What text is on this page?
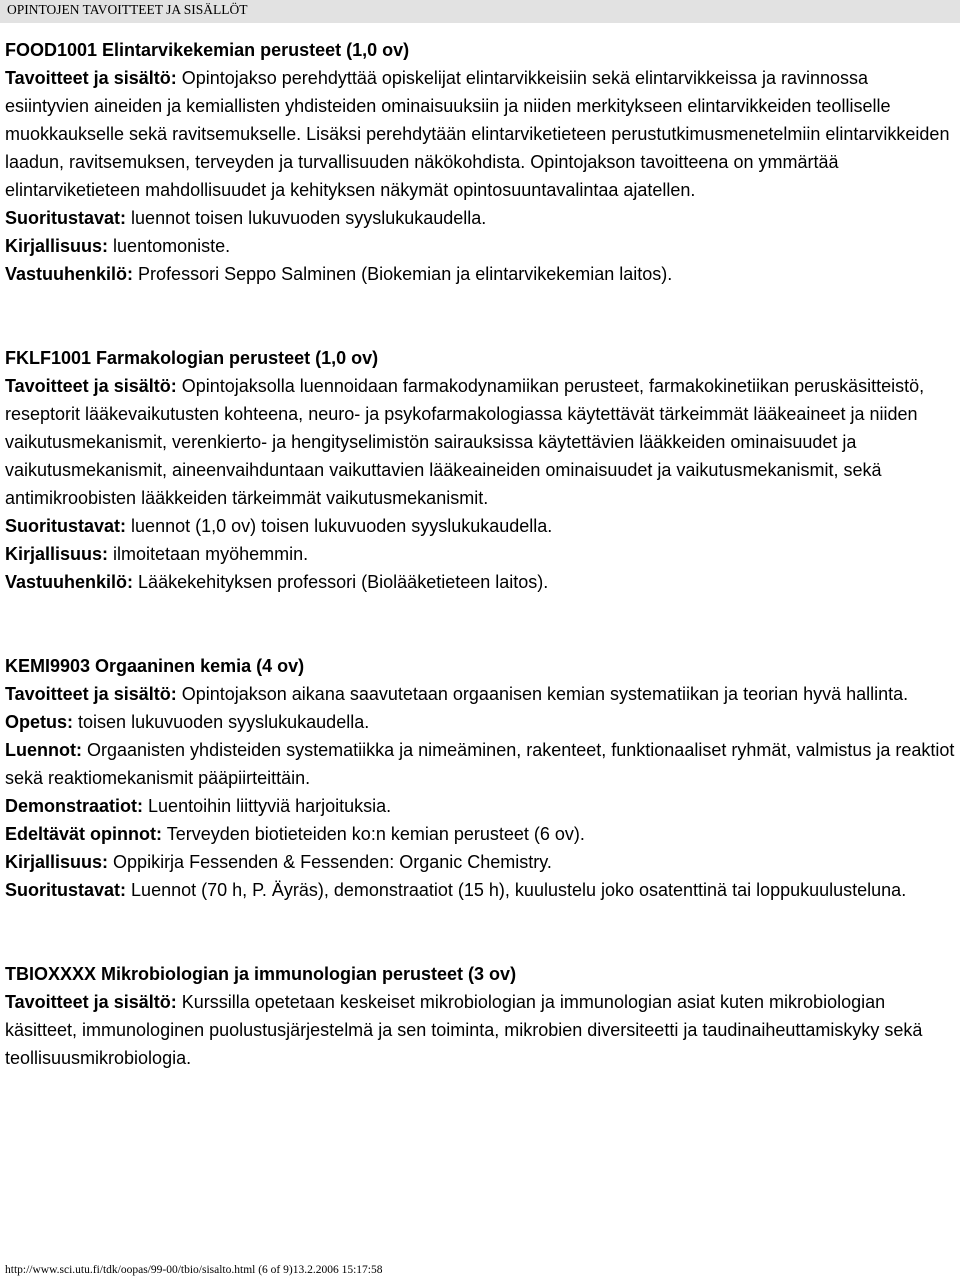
OPINTOJEN TAVOITTEET JA SISÄLLÖT
FOOD1001 Elintarvikekemian perusteet (1,0 ov)

Tavoitteet ja sisältö: Opintojakso perehdyttää opiskelijat elintarvikkeisiin sekä elintarvikkeissa ja ravinnossa esiintyvien aineiden ja kemiallisten yhdisteiden ominaisuuksiin ja niiden merkitykseen elintarvikkeiden teolliselle muokkaukselle sekä ravitsemukselle. Lisäksi perehdytään elintarviketieteen perustutkimusmenetelmiin elintarvikkeiden laadun, ravitsemuksen, terveyden ja turvallisuuden näkökohdista. Opintojakson tavoitteena on ymmärtää elintarviketieteen mahdollisuudet ja kehityksen näkymät opintosuuntavalintaa ajatellen.

Suoritustavat: luennot toisen lukuvuoden syyslukukaudella.

Kirjallisuus: luentomoniste.

Vastuuhenkilö: Professori Seppo Salminen (Biokemian ja elintarvikekemian laitos).

FKLF1001 Farmakologian perusteet (1,0 ov)

Tavoitteet ja sisältö: Opintojaksolla luennoidaan farmakodynamiikan perusteet, farmakokinetiikan peruskäsitteistö, reseptorit lääkevaikutusten kohteena, neuro- ja psykofarmakologiassa käytettävät tärkeimmät lääkeaineet ja niiden vaikutusmekanismit, verenkierto- ja hengityselimistön sairauksissa käytettävien lääkkeiden ominaisuudet ja vaikutusmekanismit, aineenvaihduntaan vaikuttavien lääkeaineiden ominaisuudet ja vaikutusmekanismit, sekä antimikroobisten lääkkeiden tärkeimmät vaikutusmekanismit.

Suoritustavat: luennot (1,0 ov) toisen lukuvuoden syyslukukaudella.

Kirjallisuus: ilmoitetaan myöhemmin.

Vastuuhenkilö: Lääkekehityksen professori (Biolääketieteen laitos).

KEMI9903 Orgaaninen kemia (4 ov)

Tavoitteet ja sisältö: Opintojakson aikana saavutetaan orgaanisen kemian systematiikan ja teorian hyvä hallinta.

Opetus: toisen lukuvuoden syyslukukaudella.

Luennot: Orgaanisten yhdisteiden systematiikka ja nimeäminen, rakenteet, funktionaaliset ryhmät, valmistus ja reaktiot sekä reaktiomekanismit pääpiirteittäin.

Demonstraatiot: Luentoihin liittyviä harjoituksia.

Edeltävät opinnot: Terveyden biotieteiden ko:n kemian perusteet (6 ov).

Kirjallisuus: Oppikirja Fessenden & Fessenden: Organic Chemistry.

Suoritustavat: Luennot (70 h, P. Äyräs), demonstraatiot (15 h), kuulustelu joko osatenttinä tai loppukuulusteluna.

TBIOXXXX Mikrobiologian ja immunologian perusteet (3 ov)

Tavoitteet ja sisältö: Kurssilla opetetaan keskeiset mikrobiologian ja immunologian asiat kuten mikrobiologian käsitteet, immunologinen puolustusjärjestelmä ja sen toiminta, mikrobien diversiteetti ja taudinaiheuttamiskyky sekä teollisuusmikrobiologia.

http://www.sci.utu.fi/tdk/oopas/99-00/tbio/sisalto.html (6 of 9)13.2.2006 15:17:58
